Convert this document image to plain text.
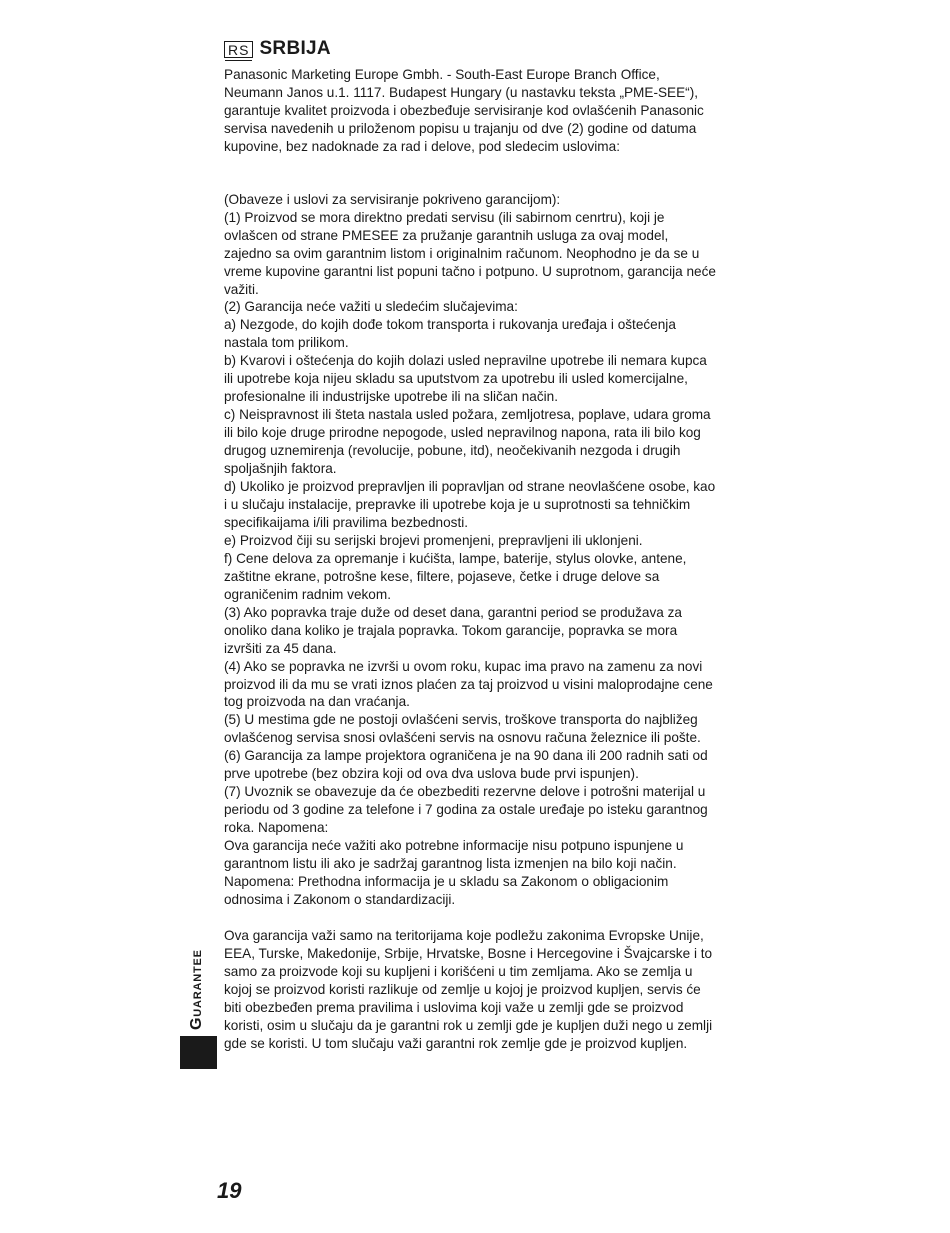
RS SRBIJA

Panasonic Marketing Europe Gmbh. - South-East Europe Branch Office, Neumann Janos u.1. 1117. Budapest Hungary (u nastavku teksta „PME-SEE“), garantuje kvalitet proizvoda i obezbeđuje servisiranje kod ovlašćenih Panasonic servisa navedenih u priloženom popisu u trajanju od dve (2) godine od datuma kupovine, bez nadoknade za rad i delove, pod sledecim uslovima:

(Obaveze i uslovi za servisiranje pokriveno garancijom):

(1) Proizvod se mora direktno predati servisu (ili sabirnom cenrtru), koji je ovlašcen od strane PMESEE za pružanje garantnih usluga za ovaj model, zajedno sa ovim garantnim listom i originalnim računom. Neophodno je da se u vreme kupovine garantni list popuni tačno i potpuno. U suprotnom, garancija neće važiti.

(2) Garancija neće važiti u sledećim slučajevima:

a) Nezgode, do kojih dođe tokom transporta i rukovanja uređaja i oštećenja nastala tom prilikom.

b) Kvarovi i oštećenja do kojih dolazi usled nepravilne upotrebe ili nemara kupca ili upotrebe koja nijeu skladu sa uputstvom za upotrebu ili usled komercijalne, profesionalne ili industrijske upotrebe ili na sličan način.

c) Neispravnost ili šteta nastala usled požara, zemljotresa, poplave, udara groma ili bilo koje druge prirodne nepogode, usled nepravilnog napona, rata ili bilo kog drugog uznemirenja (revolucije, pobune, itd), neočekivanih nezgoda i drugih spoljašnjih faktora.

d) Ukoliko je proizvod prepravljen ili popravljan od strane neovlašćene osobe, kao i u slučaju instalacije, prepravke ili upotrebe koja je u suprotnosti sa tehničkim specifikaijama i/ili pravilima bezbednosti.

e) Proizvod čiji su serijski brojevi promenjeni, prepravljeni ili uklonjeni.

f) Cene delova za opremanje i kućišta, lampe, baterije, stylus olovke, antene, zaštitne ekrane, potrošne kese, filtere, pojaseve, četke i druge delove sa ograničenim radnim vekom.

(3) Ako popravka traje duže od deset dana, garantni period se produžava za onoliko dana koliko je trajala popravka. Tokom garancije, popravka se mora izvršiti za 45 dana.

(4) Ako se popravka ne izvrši u ovom roku, kupac ima pravo na zamenu za novi proizvod ili da mu se vrati iznos plaćen za taj proizvod u visini maloprodajne cene tog proizvoda na dan vraćanja.

(5) U mestima gde ne postoji ovlašćeni servis, troškove transporta do najbližeg ovlašćenog servisa snosi ovlašćeni servis na osnovu računa železnice ili pošte.

(6) Garancija za lampe projektora ograničena je na 90 dana ili 200 radnih sati od prve upotrebe (bez obzira koji od ova dva uslova bude prvi ispunjen).

(7) Uvoznik se obavezuje da će obezbediti rezervne delove i potrošni materijal u periodu od 3 godine za telefone i 7 godina za ostale uređaje po isteku garantnog roka. Napomena:

Ova garancija neće važiti ako potrebne informacije nisu potpuno ispunjene u garantnom listu ili ako je sadržaj garantnog lista izmenjen na bilo koji način. Napomena: Prethodna informacija je u skladu sa Zakonom o obligacionim odnosima i Zakonom o standardizaciji.

Ova garancija važi samo na teritorijama koje podležu zakonima Evropske Unije, EEA, Turske, Makedonije, Srbije, Hrvatske, Bosne i Hercegovine i Švajcarske i to samo za proizvode koji su kupljeni i korišćeni u tim zemljama. Ako se zemlja u kojoj se proizvod koristi razlikuje od zemlje u kojoj je proizvod kupljen, servis će biti obezbeđen prema pravilima i uslovima koji važe u zemlji gde se proizvod koristi, osim u slučaju da je garantni rok u zemlji gde je kupljen duži nego u zemlji gde se koristi. U tom slučaju važi garantni rok zemlje gde je proizvod kupljen.

Guarantee
19
